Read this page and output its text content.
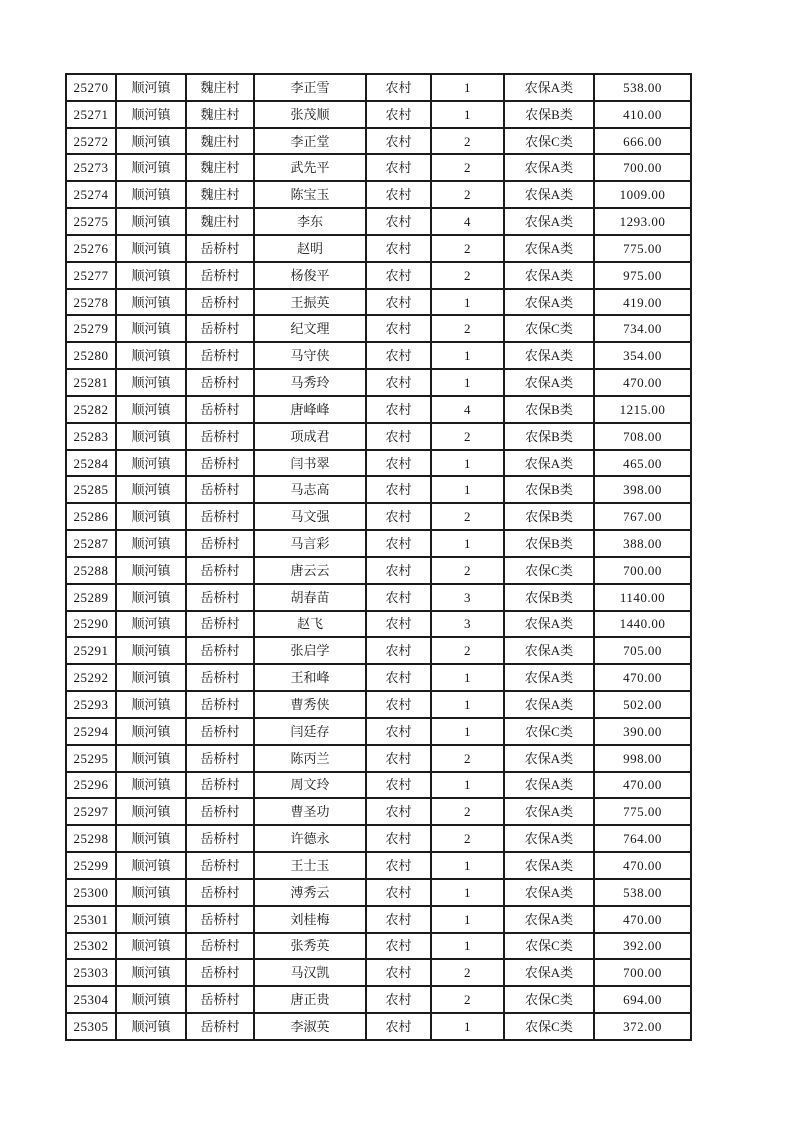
25270	顺河镇	魏庄村	李正雪	农村	1	农保A类	538.00
25271	顺河镇	魏庄村	张茂顺	农村	1	农保B类	410.00
25272	顺河镇	魏庄村	李正堂	农村	2	农保C类	666.00
25273	顺河镇	魏庄村	武先平	农村	2	农保A类	700.00
25274	顺河镇	魏庄村	陈宝玉	农村	2	农保A类	1009.00
25275	顺河镇	魏庄村	李东	农村	4	农保A类	1293.00
25276	顺河镇	岳桥村	赵明	农村	2	农保A类	775.00
25277	顺河镇	岳桥村	杨俊平	农村	2	农保A类	975.00
25278	顺河镇	岳桥村	王振英	农村	1	农保A类	419.00
25279	顺河镇	岳桥村	纪文理	农村	2	农保C类	734.00
25280	顺河镇	岳桥村	马守侠	农村	1	农保A类	354.00
25281	顺河镇	岳桥村	马秀玲	农村	1	农保A类	470.00
25282	顺河镇	岳桥村	唐峰峰	农村	4	农保B类	1215.00
25283	顺河镇	岳桥村	项成君	农村	2	农保B类	708.00
25284	顺河镇	岳桥村	闫书翠	农村	1	农保A类	465.00
25285	顺河镇	岳桥村	马志高	农村	1	农保B类	398.00
25286	顺河镇	岳桥村	马文强	农村	2	农保B类	767.00
25287	顺河镇	岳桥村	马言彩	农村	1	农保B类	388.00
25288	顺河镇	岳桥村	唐云云	农村	2	农保C类	700.00
25289	顺河镇	岳桥村	胡春苗	农村	3	农保B类	1140.00
25290	顺河镇	岳桥村	赵飞	农村	3	农保A类	1440.00
25291	顺河镇	岳桥村	张启学	农村	2	农保A类	705.00
25292	顺河镇	岳桥村	王和峰	农村	1	农保A类	470.00
25293	顺河镇	岳桥村	曹秀侠	农村	1	农保A类	502.00
25294	顺河镇	岳桥村	闫廷存	农村	1	农保C类	390.00
25295	顺河镇	岳桥村	陈丙兰	农村	2	农保A类	998.00
25296	顺河镇	岳桥村	周文玲	农村	1	农保A类	470.00
25297	顺河镇	岳桥村	曹圣功	农村	2	农保A类	775.00
25298	顺河镇	岳桥村	许德永	农村	2	农保A类	764.00
25299	顺河镇	岳桥村	王士玉	农村	1	农保A类	470.00
25300	顺河镇	岳桥村	溥秀云	农村	1	农保A类	538.00
25301	顺河镇	岳桥村	刘桂梅	农村	1	农保A类	470.00
25302	顺河镇	岳桥村	张秀英	农村	1	农保C类	392.00
25303	顺河镇	岳桥村	马汉凯	农村	2	农保A类	700.00
25304	顺河镇	岳桥村	唐正贵	农村	2	农保C类	694.00
25305	顺河镇	岳桥村	李淑英	农村	1	农保C类	372.00
